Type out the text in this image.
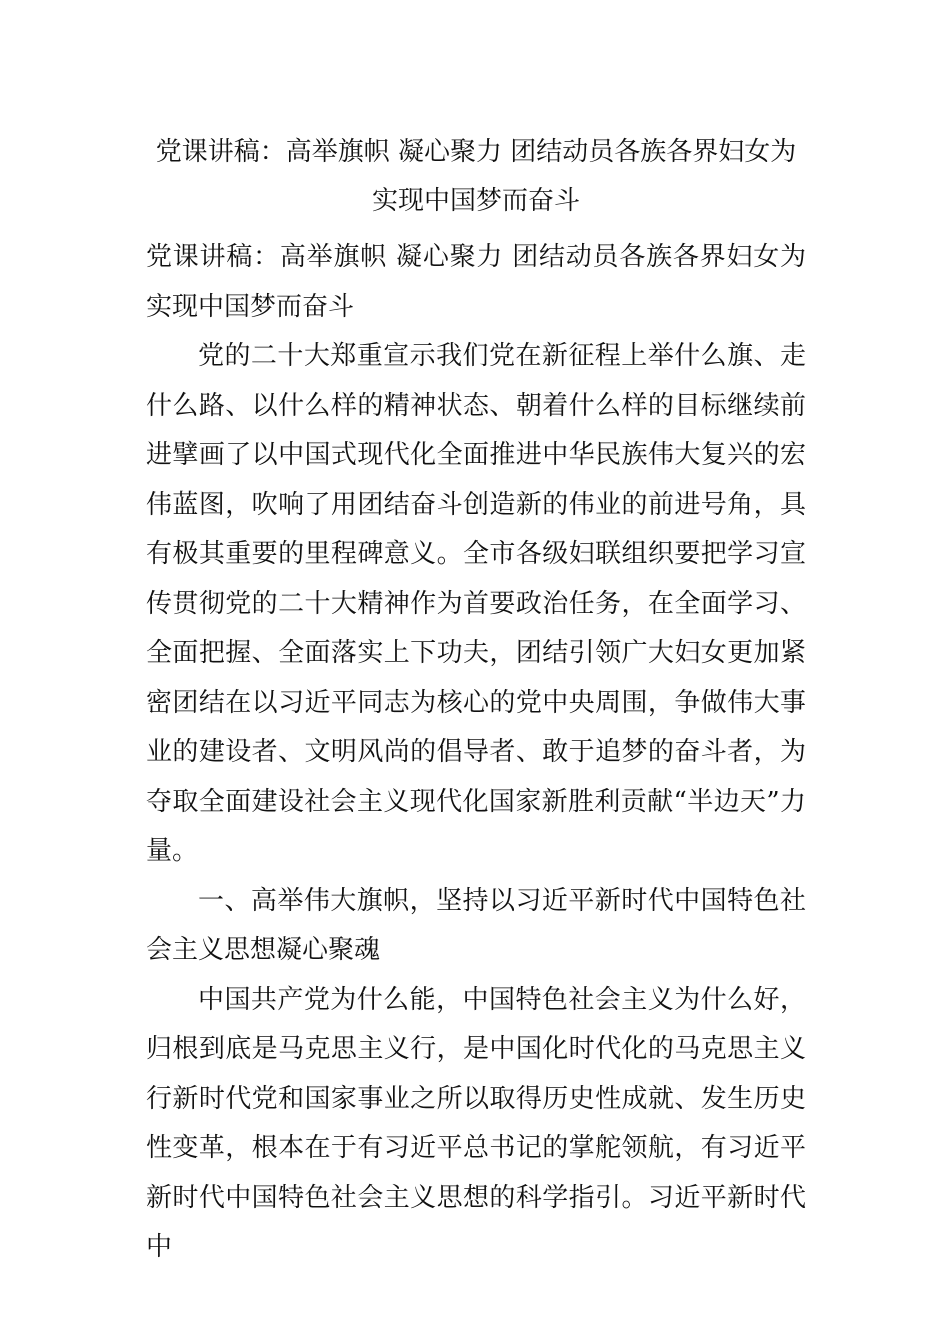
党课讲稿：高举旗帜 凝心聚力 团结动员各族各界妇女为
实现中国梦而奋斗

党课讲稿：高举旗帜 凝心聚力 团结动员各族各界妇女为实现中国梦而奋斗

党的二十大郑重宣示我们党在新征程上举什么旗、走什么路、以什么样的精神状态、朝着什么样的目标继续前进擘画了以中国式现代化全面推进中华民族伟大复兴的宏伟蓝图，吹响了用团结奋斗创造新的伟业的前进号角，具有极其重要的里程碑意义。全市各级妇联组织要把学习宣传贯彻党的二十大精神作为首要政治任务，在全面学习、全面把握、全面落实上下功夫，团结引领广大妇女更加紧密团结在以习近平同志为核心的党中央周围，争做伟大事业的建设者、文明风尚的倡导者、敢于追梦的奋斗者，为夺取全面建设社会主义现代化国家新胜利贡献“半边天”力量。

一、高举伟大旗帜，坚持以习近平新时代中国特色社会主义思想凝心聚魂

中国共产党为什么能，中国特色社会主义为什么好，归根到底是马克思主义行，是中国化时代化的马克思主义行新时代党和国家事业之所以取得历史性成就、发生历史性变革，根本在于有习近平总书记的掌舵领航，有习近平新时代中国特色社会主义思想的科学指引。习近平新时代中
